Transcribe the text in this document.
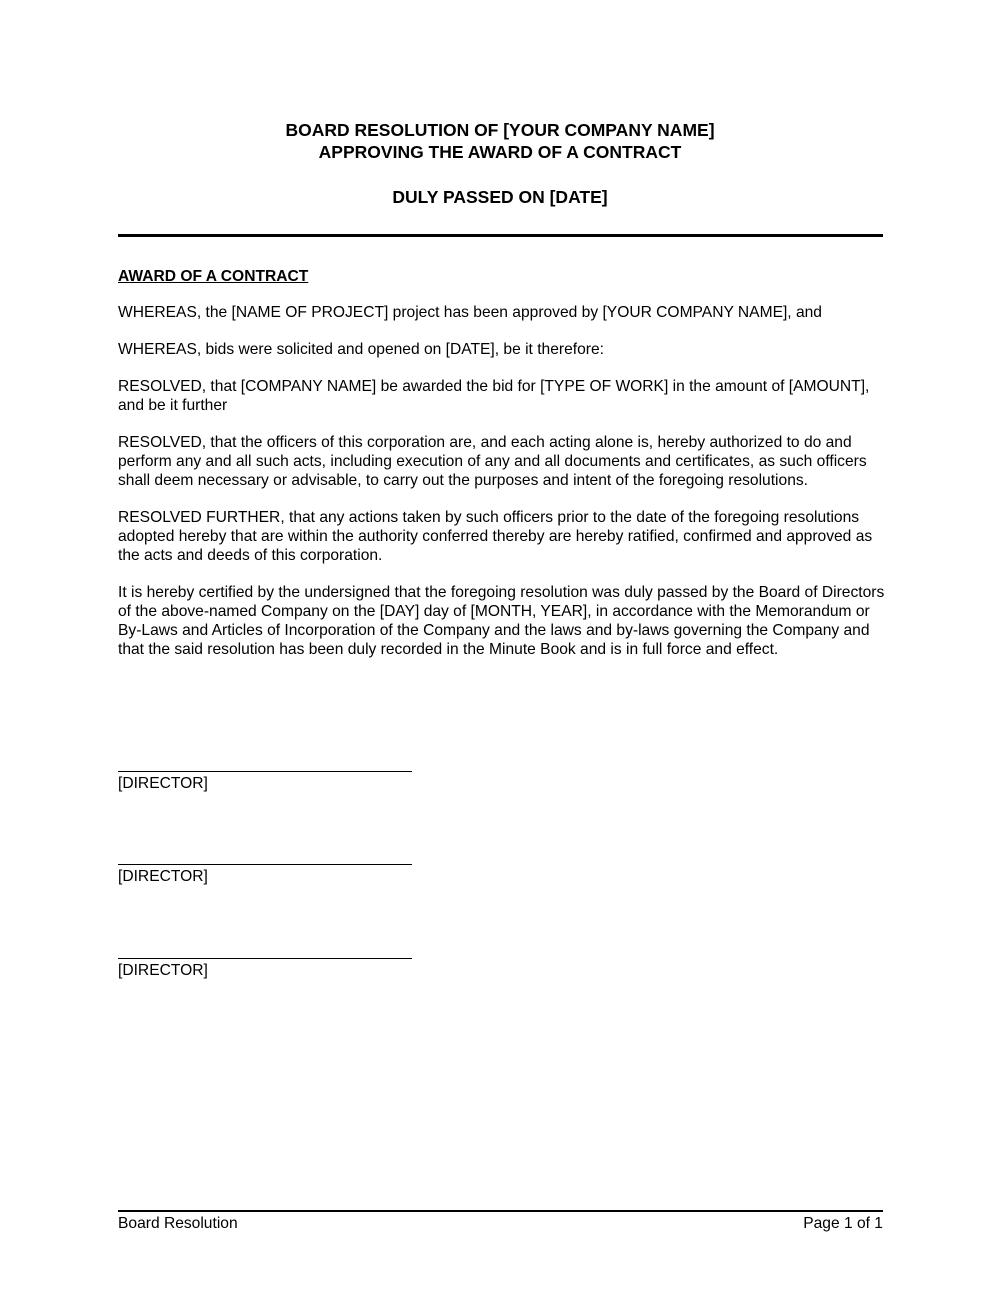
BOARD RESOLUTION OF [YOUR COMPANY NAME]
APPROVING THE AWARD OF A CONTRACT
DULY PASSED ON [DATE]

AWARD OF A CONTRACT

WHEREAS, the [NAME OF PROJECT] project has been approved by [YOUR COMPANY NAME], and

WHEREAS, bids were solicited and opened on [DATE], be it therefore:

RESOLVED, that [COMPANY NAME] be awarded the bid for [TYPE OF WORK] in the amount of [AMOUNT], and be it further

RESOLVED, that the officers of this corporation are, and each acting alone is, hereby authorized to do and perform any and all such acts, including execution of any and all documents and certificates, as such officers shall deem necessary or advisable, to carry out the purposes and intent of the foregoing resolutions.

RESOLVED FURTHER, that any actions taken by such officers prior to the date of the foregoing resolutions adopted hereby that are within the authority conferred thereby are hereby ratified, confirmed and approved as the acts and deeds of this corporation.

It is hereby certified by the undersigned that the foregoing resolution was duly passed by the Board of Directors of the above-named Company on the [DAY] day of [MONTH, YEAR], in accordance with the Memorandum or By-Laws and Articles of Incorporation of the Company and the laws and by-laws governing the Company and that the said resolution has been duly recorded in the Minute Book and is in full force and effect.

[DIRECTOR]
[DIRECTOR]
[DIRECTOR]
Board Resolution	Page 1 of 1
